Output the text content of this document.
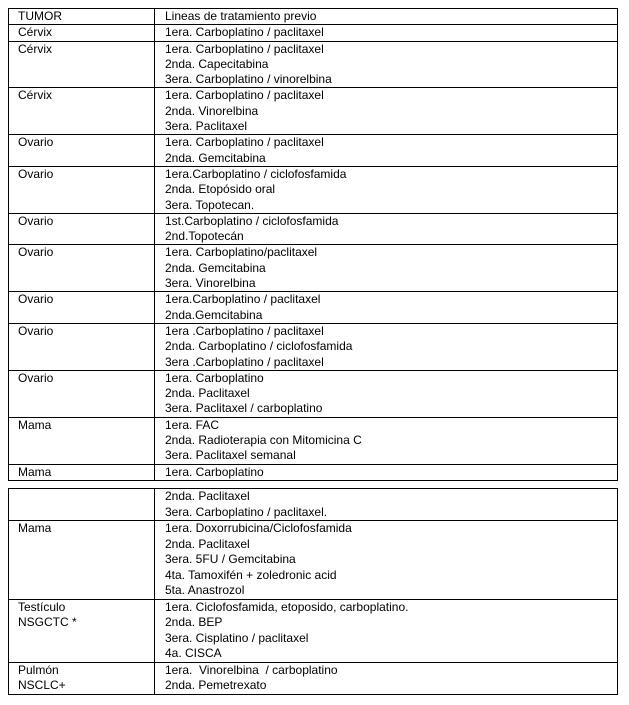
TUMOR	Lineas de tratamiento previo

Cérvix	1era. Carboplatino / paclitaxel

Cérvix	1era. Carboplatino / paclitaxel
2nda. Capecitabina
3era. Carboplatino / vinorelbina

Cérvix	1era. Carboplatino / paclitaxel
2nda. Vinorelbina
3era. Paclitaxel

Ovario	1era. Carboplatino / paclitaxel
2nda. Gemcitabina

Ovario	1era.Carboplatino / ciclofosfamida
2nda. Etopósido oral
3era. Topotecan.

Ovario	1st.Carboplatino / ciclofosfamida
2nd.Topotecán

Ovario	1era. Carboplatino/paclitaxel
2nda. Gemcitabina
3era. Vinorelbina

Ovario	1era.Carboplatino / paclitaxel
2nda.Gemcitabina

Ovario	1era .Carboplatino / paclitaxel
2nda. Carboplatino / ciclofosfamida
3era .Carboplatino / paclitaxel

Ovario	1era. Carboplatino
2nda. Paclitaxel
3era. Paclitaxel / carboplatino

Mama	1era. FAC
2nda. Radioterapia con Mitomicina C
3era. Paclitaxel semanal

Mama	1era. Carboplatino

	2nda. Paclitaxel
3era. Carboplatino / paclitaxel.

Mama	1era. Doxorrubicina/Ciclofosfamida
2nda. Paclitaxel
3era. 5FU / Gemcitabina
4ta. Tamoxifén + zoledronic acid
5ta. Anastrozol

Testículo
NSGCTC *	1era. Ciclofosfamida, etoposido, carboplatino.
2nda. BEP
3era. Cisplatino / paclitaxel
4a. CISCA

Pulmón
NSCLC+	1era.  Vinorelbina  / carboplatino
2nda. Pemetrexato
